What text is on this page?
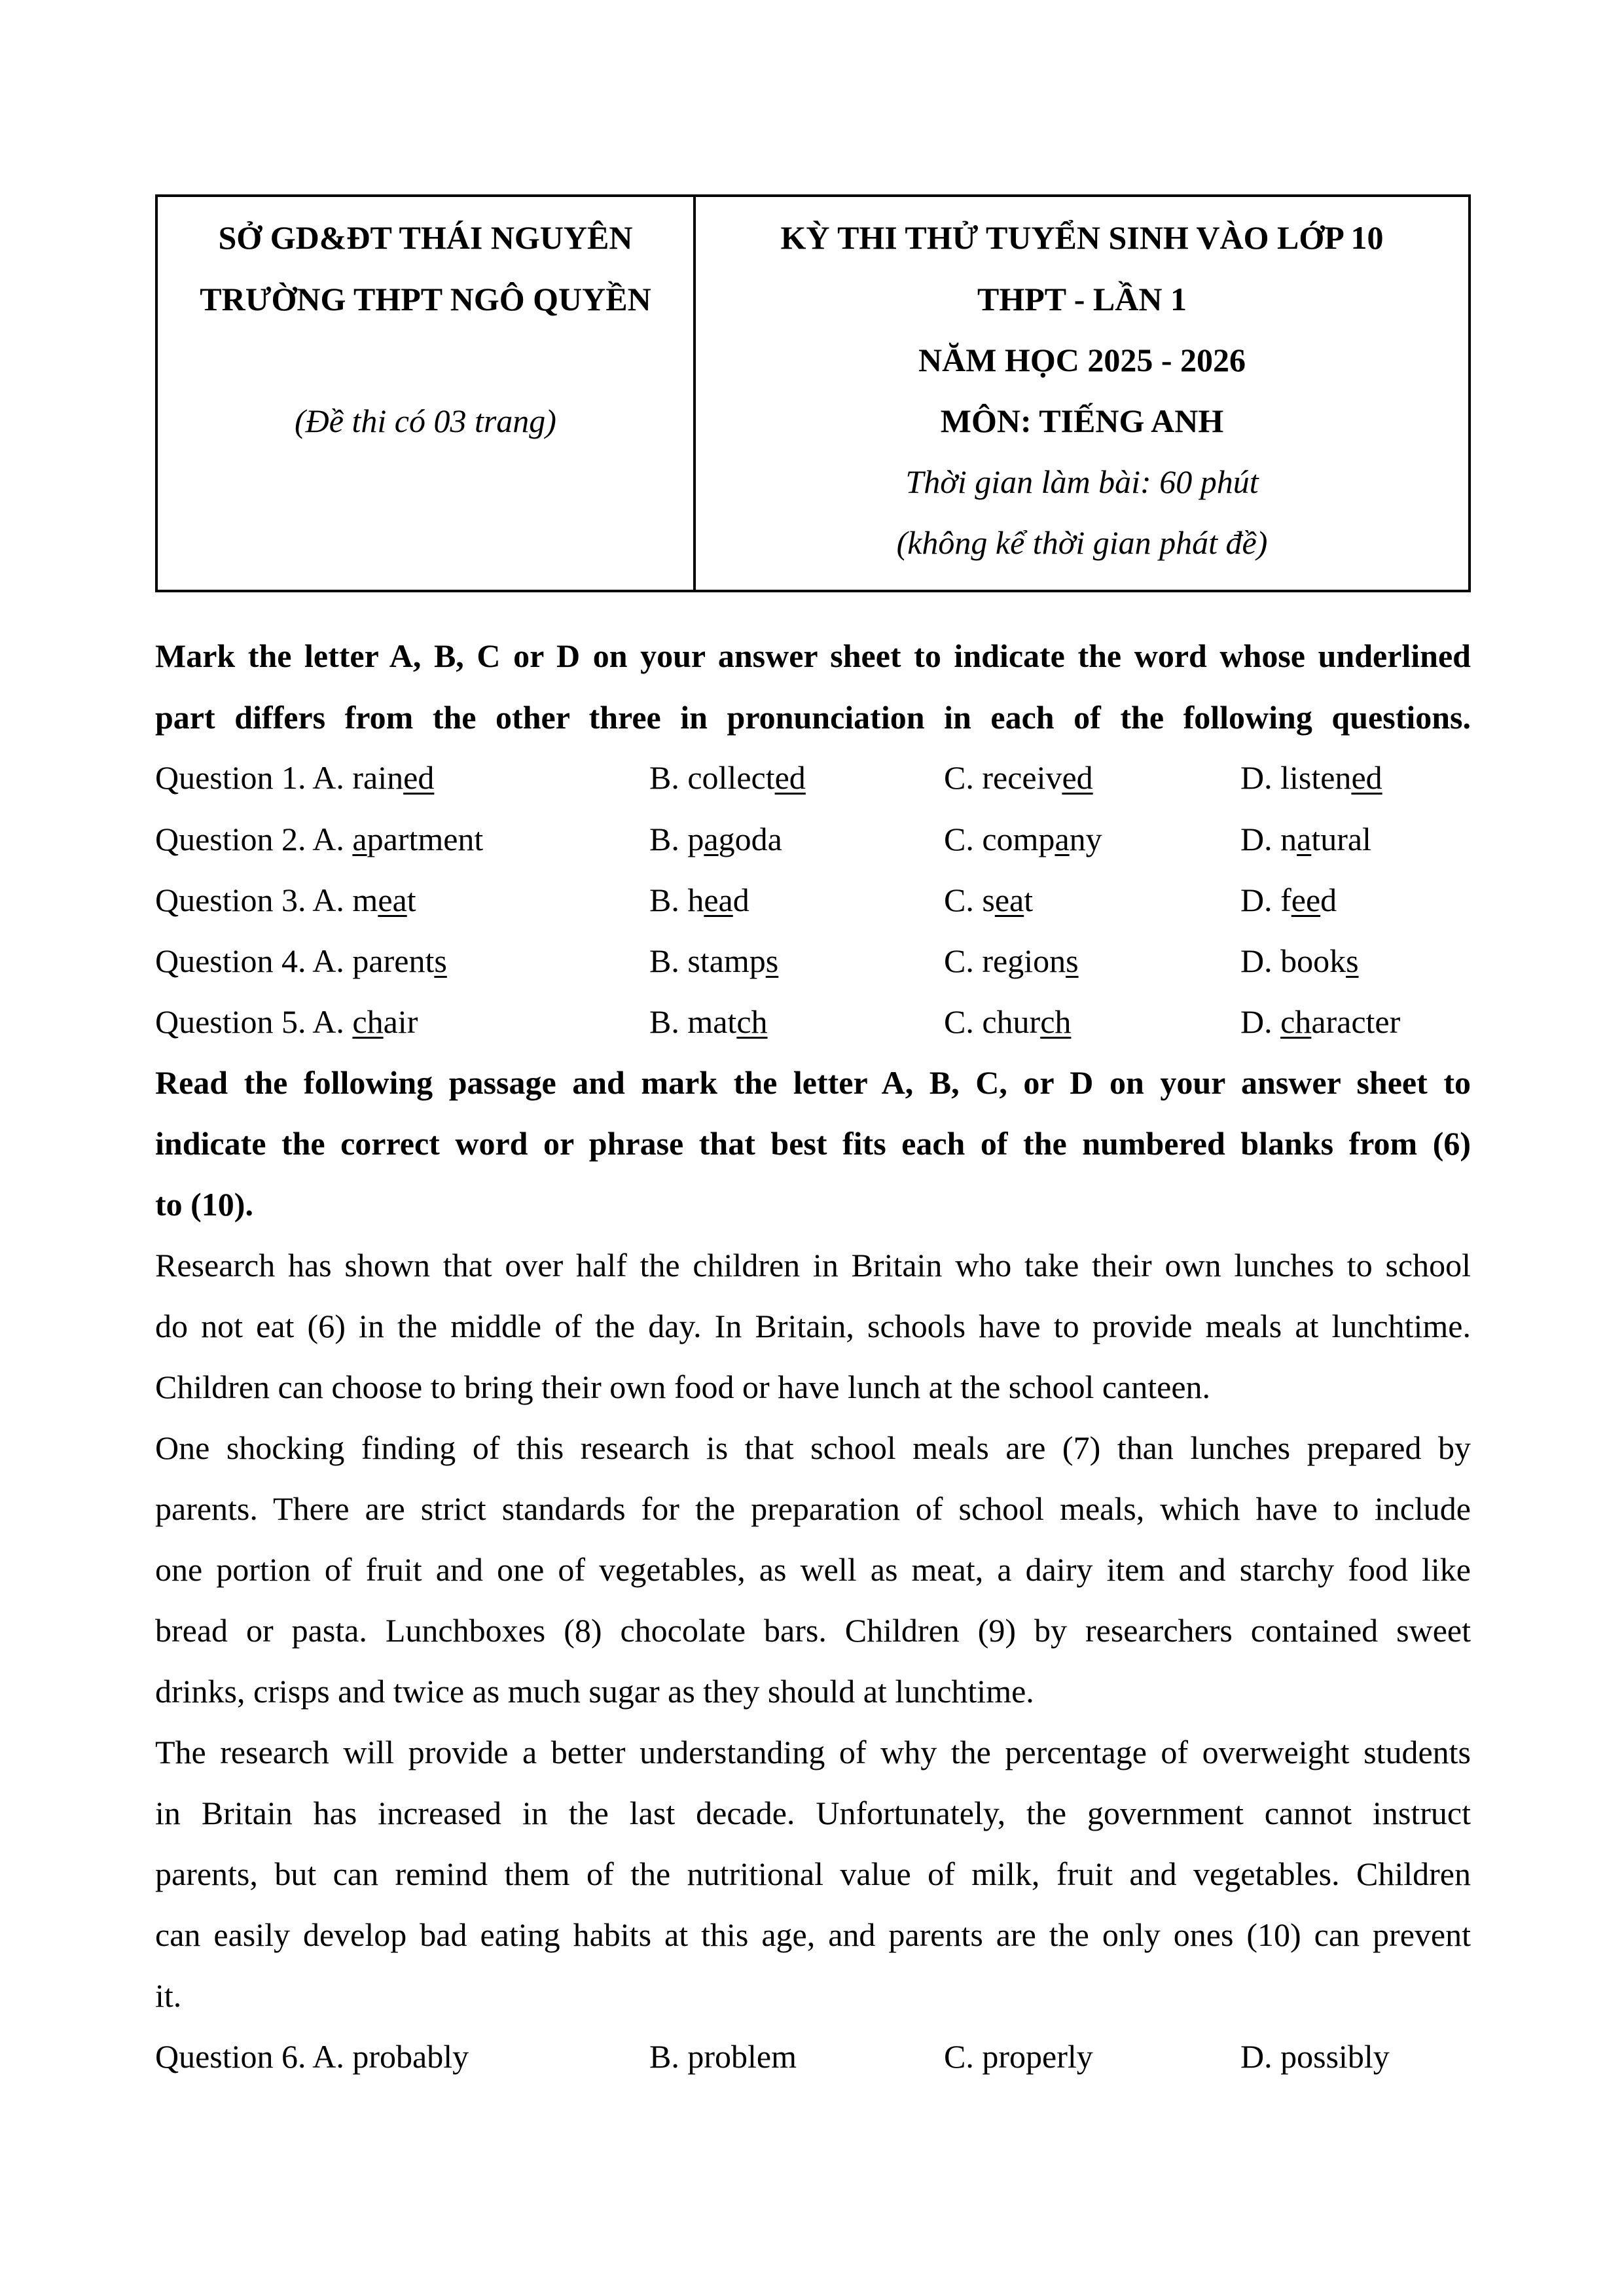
SỞ GD&ĐT THÁI NGUYÊN
TRƯỜNG THPT NGÔ QUYỀN
(Đề thi có 03 trang)
KỲ THI THỬ TUYỂN SINH VÀO LỚP 10
THPT - LẦN 1
NĂM HỌC 2025 - 2026
MÔN: TIẾNG ANH
Thời gian làm bài: 60 phút
(không kể thời gian phát đề)
Mark the letter A, B, C or D on your answer sheet to indicate the word whose underlined
part differs from the other three in pronunciation in each of the following questions.
Question 1. A. rained	B. collected	C. received	D. listened
Question 2. A. apartment	B. pagoda	C. company	D. natural
Question 3. A. meat	B. head	C. seat	D. feed
Question 4. A. parents	B. stamps	C. regions	D. books
Question 5. A. chair	B. match	C. church	D. character
Read the following passage and mark the letter A, B, C, or D on your answer sheet to
indicate the correct word or phrase that best fits each of the numbered blanks from (6)
to (10).
Research has shown that over half the children in Britain who take their own lunches to school
do not eat (6) in the middle of the day. In Britain, schools have to provide meals at lunchtime.
Children can choose to bring their own food or have lunch at the school canteen.
One shocking finding of this research is that school meals are (7) than lunches prepared by
parents. There are strict standards for the preparation of school meals, which have to include
one portion of fruit and one of vegetables, as well as meat, a dairy item and starchy food like
bread or pasta. Lunchboxes (8) chocolate bars. Children (9) by researchers contained sweet
drinks, crisps and twice as much sugar as they should at lunchtime.
The research will provide a better understanding of why the percentage of overweight students
in Britain has increased in the last decade. Unfortunately, the government cannot instruct
parents, but can remind them of the nutritional value of milk, fruit and vegetables. Children
can easily develop bad eating habits at this age, and parents are the only ones (10) can prevent
it.
Question 6. A. probably	B. problem	C. properly	D. possibly
